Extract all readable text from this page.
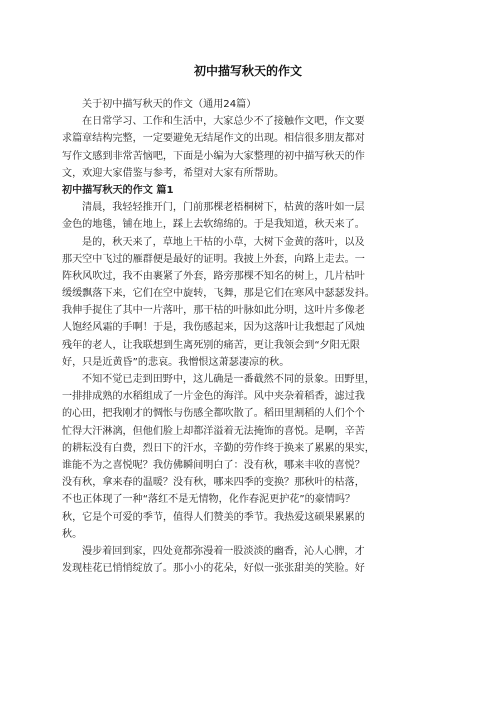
初中描写秋天的作文
关于初中描写秋天的作文（通用24篇）
在日常学习、工作和生活中，大家总少不了接触作文吧，作文要
求篇章结构完整，一定要避免无结尾作文的出现。相信很多朋友都对
写作文感到非常苦恼吧，下面是小编为大家整理的初中描写秋天的作
文，欢迎大家借鉴与参考，希望对大家有所帮助。
初中描写秋天的作文 篇1
清晨，我轻轻推开门，门前那棵老梧桐树下，枯黄的落叶如一层
金色的地毯，铺在地上，踩上去软绵绵的。于是我知道，秋天来了。
是的，秋天来了，草地上干枯的小草，大树下金黄的落叶，以及
那天空中飞过的雁群便是最好的证明。我披上外套，向路上走去。一
阵秋风吹过，我不由裹紧了外套，路旁那棵不知名的树上，几片枯叶
缓缓飘落下来，它们在空中旋转，飞舞，那是它们在寒风中瑟瑟发抖。
我伸手捉住了其中一片落叶，那干枯的叶脉如此分明，这叶片多像老
人饱经风霜的手啊！于是，我伤感起来，因为这落叶让我想起了风烛
残年的老人，让我联想到生离死别的痛苦，更让我领会到“夕阳无限
好，只是近黄昏”的悲哀。我憎恨这萧瑟凄凉的秋。
不知不觉已走到田野中，这儿确是一番截然不同的景象。田野里，
一排排成熟的水稻组成了一片金色的海洋。风中夹杂着稻香，滤过我
的心田，把我刚才的惆怅与伤感全都吹散了。稻田里割稻的人们个个
忙得大汗淋漓，但他们脸上却都洋溢着无法掩饰的喜悦。是啊，辛苦
的耕耘没有白费，烈日下的汗水，辛勤的劳作终于换来了累累的果实，
谁能不为之喜悦呢？我仿佛瞬间明白了：没有秋，哪来丰收的喜悦？
没有秋，拿来春的温暖？没有秋，哪来四季的变换？那秋叶的枯落，
不也正体现了一种“落红不是无情物，化作春泥更护花”的豪情吗？
秋，它是个可爱的季节，值得人们赞美的季节。我热爱这硕果累累的
秋。
漫步着回到家，四处竟都弥漫着一股淡淡的幽香，沁人心脾，才
发现桂花已悄悄绽放了。那小小的花朵，好似一张张甜美的笑脸。好
